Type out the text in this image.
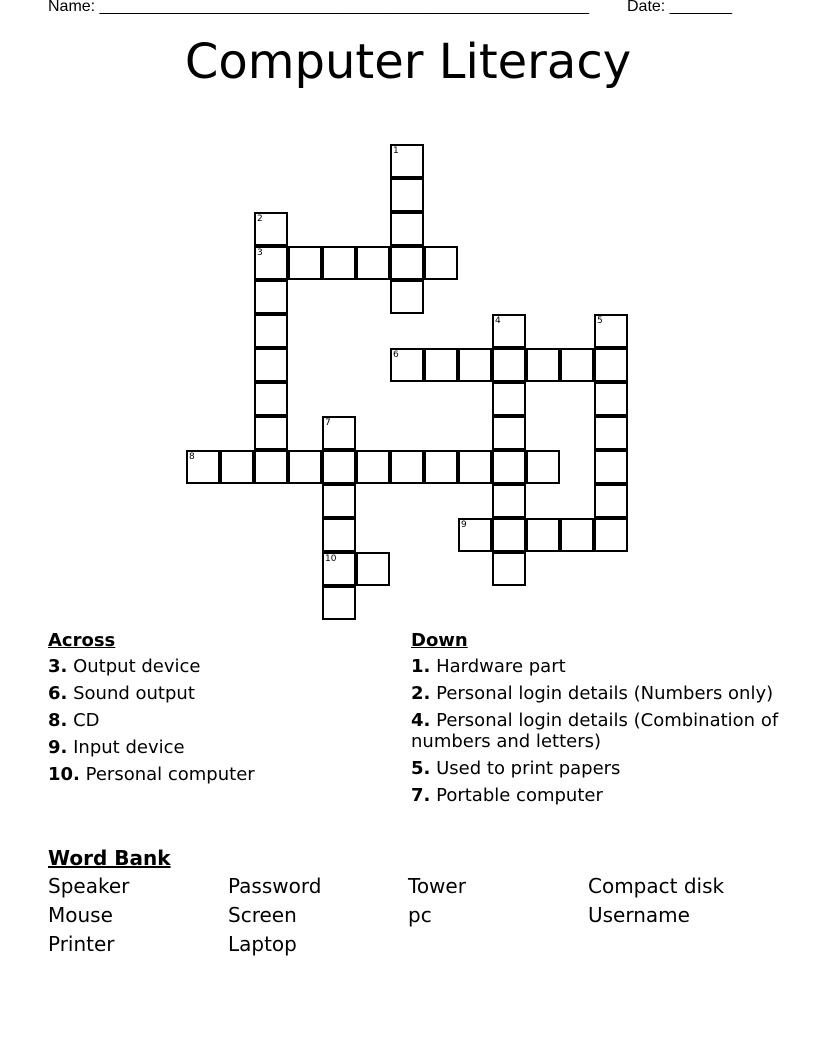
Name: _______________________________________________________ Date: _______
Computer Literacy
1
2
3
4	5
6
7
10
8
9
Across
3. Output device
6. Sound output
8. CD
9. Input device
10. Personal computer
Down
1. Hardware part
2. Personal login details (Numbers only)
4. Personal login details (Combination of numbers and letters)
5. Used to print papers
7. Portable computer
Word Bank
Speaker	Password	Tower	Compact disk
Mouse	Screen	pc	Username
Printer	Laptop
